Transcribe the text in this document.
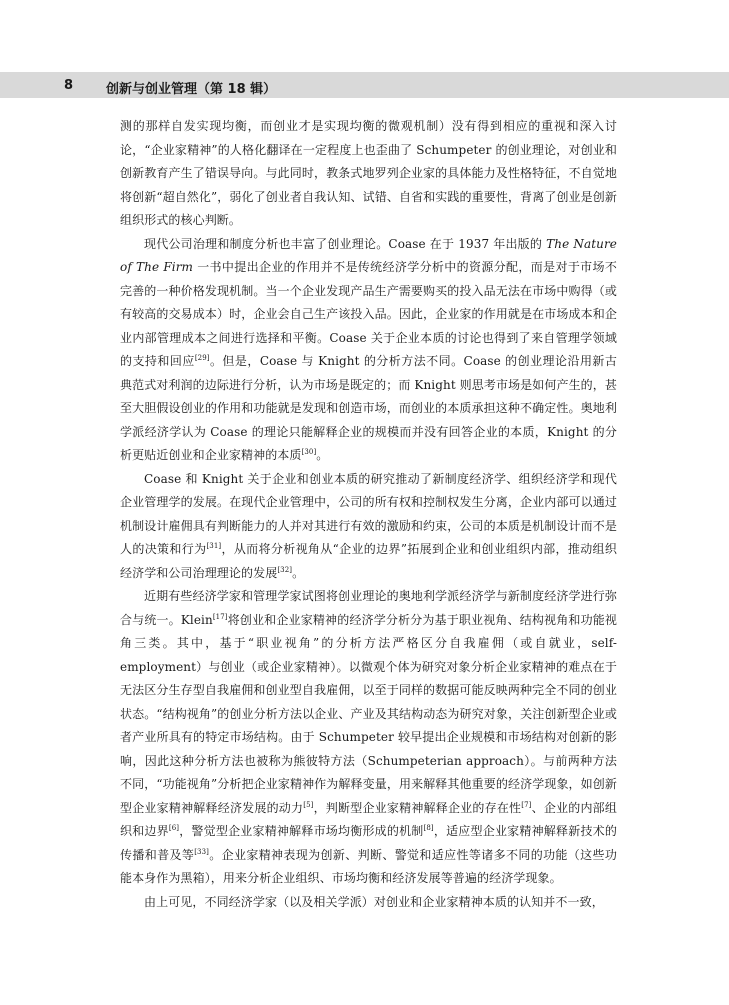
8	创新与创业管理（第 18 辑）

测的那样自发实现均衡，而创业才是实现均衡的微观机制）没有得到相应的重视和深入讨论，“企业家精神”的人格化翻译在一定程度上也歪曲了 Schumpeter 的创业理论，对创业和创新教育产生了错误导向。与此同时，教条式地罗列企业家的具体能力及性格特征，不自觉地将创新“超自然化”，弱化了创业者自我认知、试错、自省和实践的重要性，背离了创业是创新组织形式的核心判断。

现代公司治理和制度分析也丰富了创业理论。Coase 在于 1937 年出版的 The Nature of The Firm 一书中提出企业的作用并不是传统经济学分析中的资源分配，而是对于市场不完善的一种价格发现机制。当一个企业发现产品生产需要购买的投入品无法在市场中购得（或有较高的交易成本）时，企业会自己生产该投入品。因此，企业家的作用就是在市场成本和企业内部管理成本之间进行选择和平衡。Coase 关于企业本质的讨论也得到了来自管理学领域的支持和回应[29]。但是，Coase 与 Knight 的分析方法不同。Coase 的创业理论沿用新古典范式对利润的边际进行分析，认为市场是既定的；而 Knight 则思考市场是如何产生的，甚至大胆假设创业的作用和功能就是发现和创造市场，而创业的本质承担这种不确定性。奥地利学派经济学认为 Coase 的理论只能解释企业的规模而并没有回答企业的本质，Knight 的分析更贴近创业和企业家精神的本质[30]。

Coase 和 Knight 关于企业和创业本质的研究推动了新制度经济学、组织经济学和现代企业管理学的发展。在现代企业管理中，公司的所有权和控制权发生分离，企业内部可以通过机制设计雇佣具有判断能力的人并对其进行有效的激励和约束，公司的本质是机制设计而不是人的决策和行为[31]，从而将分析视角从“企业的边界”拓展到企业和创业组织内部，推动组织经济学和公司治理理论的发展[32]。

近期有些经济学家和管理学家试图将创业理论的奥地利学派经济学与新制度经济学进行弥合与统一。Klein[17]将创业和企业家精神的经济学分析分为基于职业视角、结构视角和功能视角三类。其中，基于“职业视角”的分析方法严格区分自我雇佣（或自就业，self-employment）与创业（或企业家精神）。以微观个体为研究对象分析企业家精神的难点在于无法区分生存型自我雇佣和创业型自我雇佣，以至于同样的数据可能反映两种完全不同的创业状态。“结构视角”的创业分析方法以企业、产业及其结构动态为研究对象，关注创新型企业或者产业所具有的特定市场结构。由于 Schumpeter 较早提出企业规模和市场结构对创新的影响，因此这种分析方法也被称为熊彼特方法（Schumpeterian approach）。与前两种方法不同，“功能视角”分析把企业家精神作为解释变量，用来解释其他重要的经济学现象，如创新型企业家精神解释经济发展的动力[5]，判断型企业家精神解释企业的存在性[7]、企业的内部组织和边界[6]，警觉型企业家精神解释市场均衡形成的机制[8]，适应型企业家精神解释新技术的传播和普及等[33]。企业家精神表现为创新、判断、警觉和适应性等诸多不同的功能（这些功能本身作为黑箱），用来分析企业组织、市场均衡和经济发展等普遍的经济学现象。

由上可见，不同经济学家（以及相关学派）对创业和企业家精神本质的认知并不一致，
